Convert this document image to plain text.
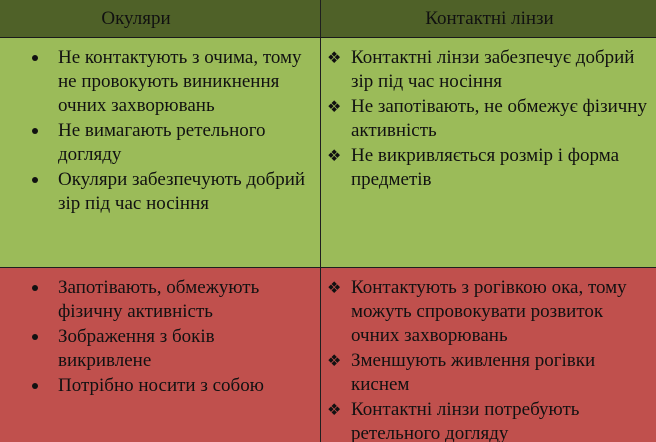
Окуляри	Контактні лінзи
Не контактують з очима, тому не провокують виникнення очних захворювань
Не вимагають ретельного догляду
Окуляри забезпечують добрий зір під час носіння
❖ Контактні лінзи забезпечує добрий зір під час носіння
❖ Не запотівають, не обмежує фізичну активність
❖ Не викривляється розмір і форма предметів
Запотівають, обмежують фізичну активність
Зображення з боків викривлене
Потрібно носити з собою
❖ Контактують з рогівкою ока, тому можуть спровокувати розвиток очних захворювань
❖ Зменшують живлення рогівки киснем
❖ Контактні лінзи потребують ретельного догляду
